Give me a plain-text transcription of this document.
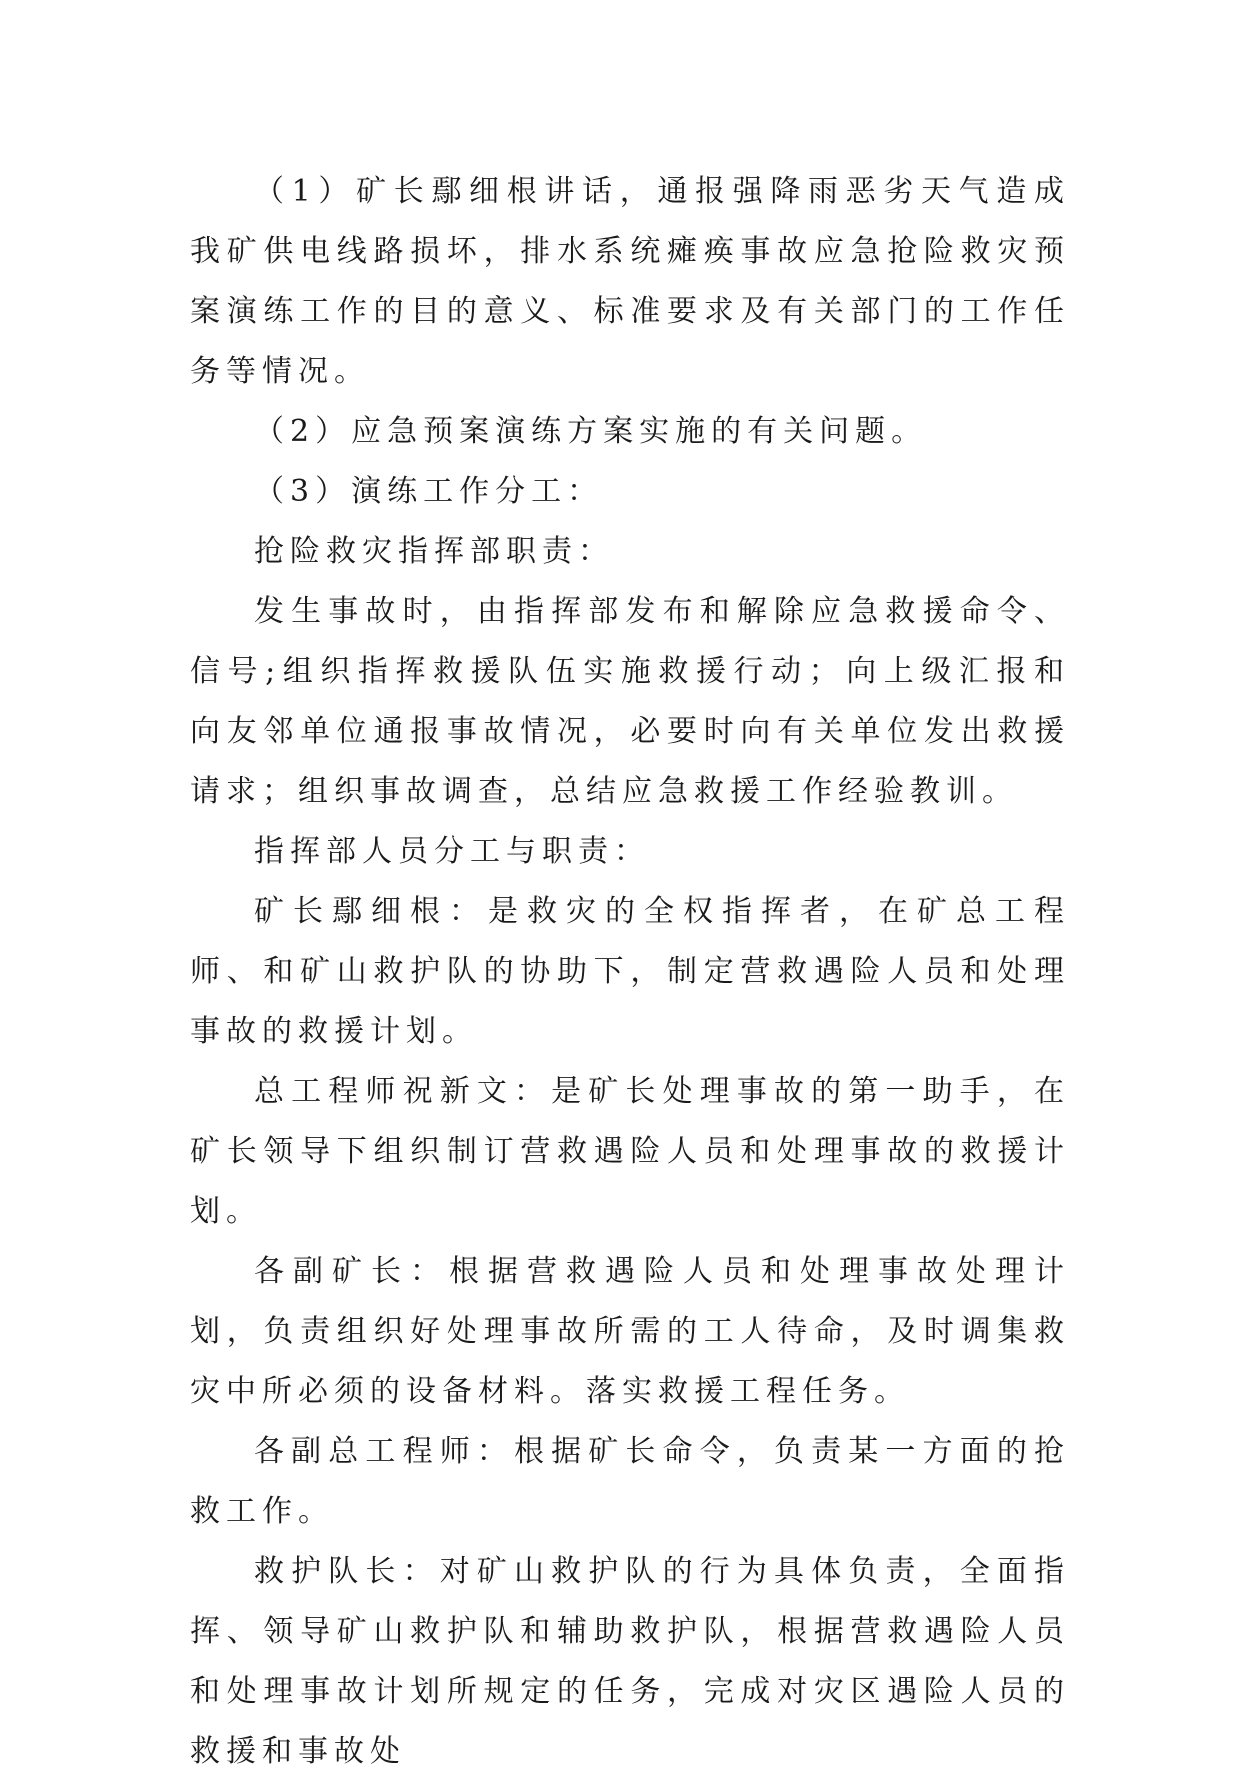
（1）矿长鄢细根讲话，通报强降雨恶劣天气造成我矿供电线路损坏，排水系统瘫痪事故应急抢险救灾预案演练工作的目的意义、标准要求及有关部门的工作任务等情况。

（2）应急预案演练方案实施的有关问题。

（3）演练工作分工：

抢险救灾指挥部职责：

发生事故时，由指挥部发布和解除应急救援命令、信号;组织指挥救援队伍实施救援行动；向上级汇报和向友邻单位通报事故情况，必要时向有关单位发出救援请求；组织事故调查，总结应急救援工作经验教训。

指挥部人员分工与职责：

矿长鄢细根：是救灾的全权指挥者，在矿总工程师、和矿山救护队的协助下，制定营救遇险人员和处理事故的救援计划。

总工程师祝新文：是矿长处理事故的第一助手，在矿长领导下组织制订营救遇险人员和处理事故的救援计划。

各副矿长：根据营救遇险人员和处理事故处理计划，负责组织好处理事故所需的工人待命，及时调集救灾中所必须的设备材料。落实救援工程任务。

各副总工程师：根据矿长命令，负责某一方面的抢救工作。

救护队长：对矿山救护队的行为具体负责，全面指挥、领导矿山救护队和辅助救护队，根据营救遇险人员和处理事故计划所规定的任务，完成对灾区遇险人员的救援和事故处
